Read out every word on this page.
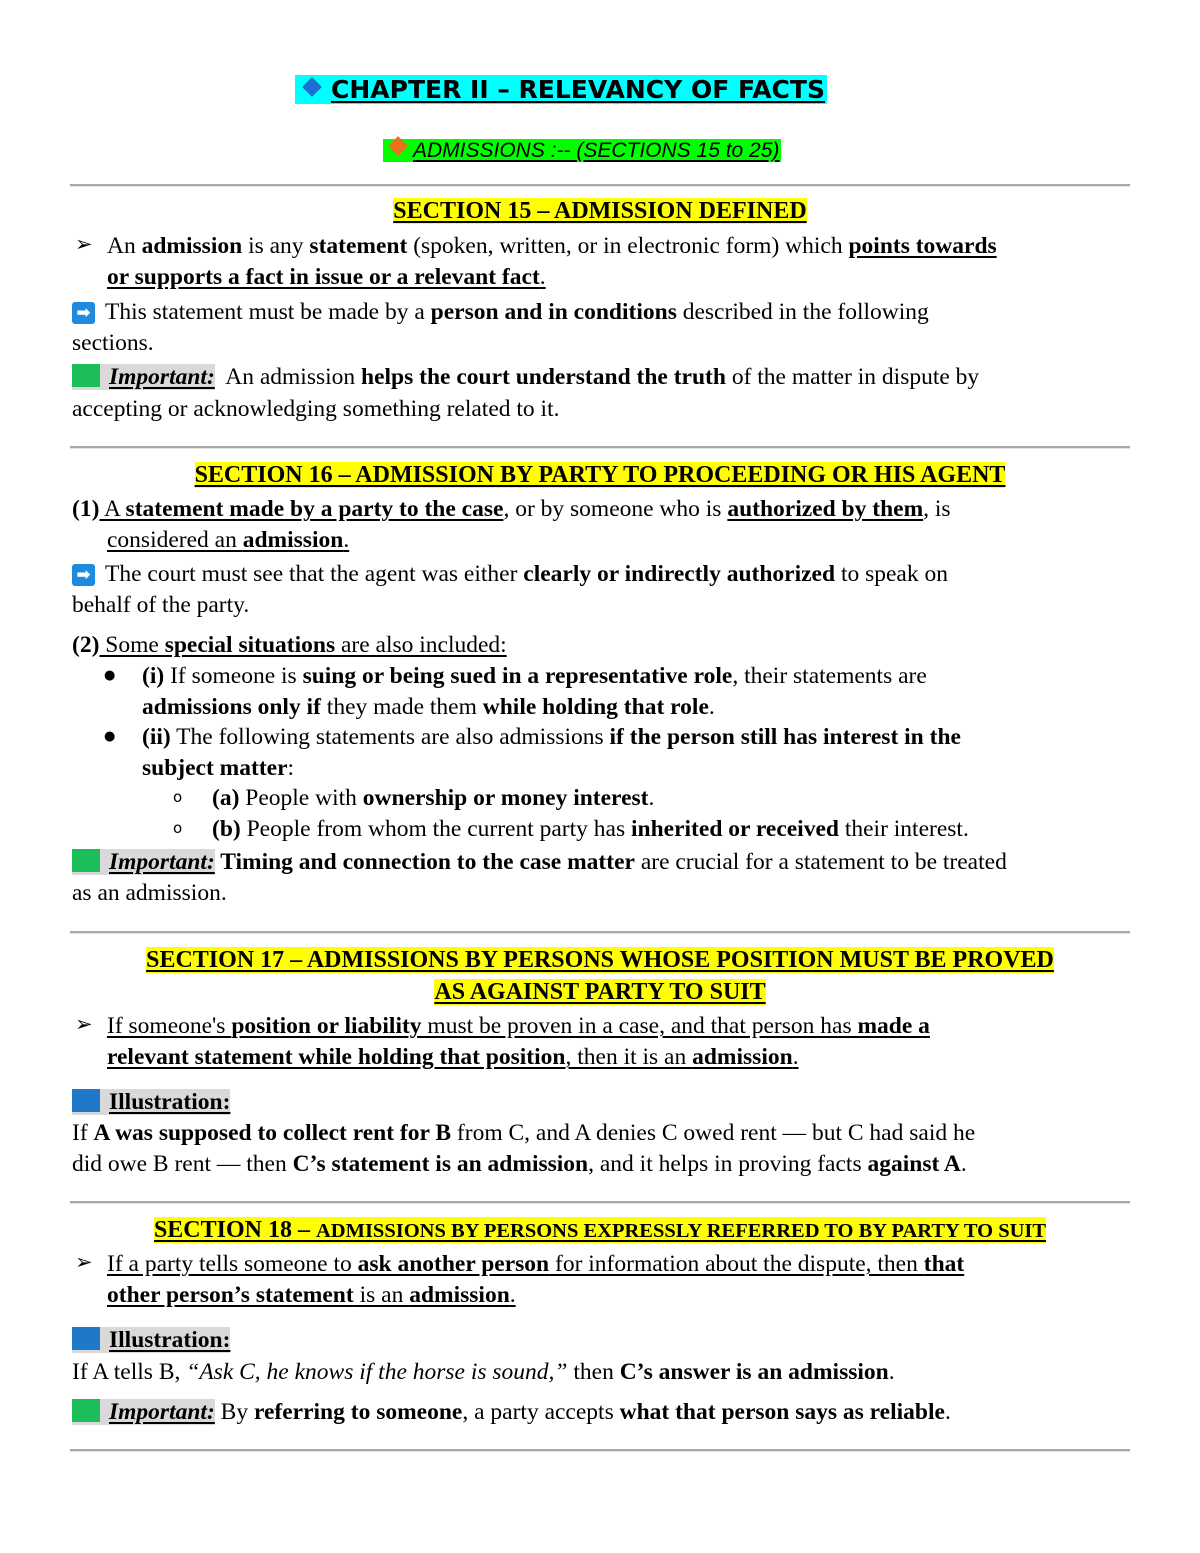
CHAPTER II – RELEVANCY OF FACTS
ADMISSIONS :-- (SECTIONS 15 to 25)
SECTION 15 – ADMISSION DEFINED
➢ An admission is any statement (spoken, written, or in electronic form) which points towards
or supports a fact in issue or a relevant fact.
➡ This statement must be made by a person and in conditions described in the following
sections.
Important:  An admission helps the court understand the truth of the matter in dispute by
accepting or acknowledging something related to it.
SECTION 16 – ADMISSION BY PARTY TO PROCEEDING OR HIS AGENT
(1) A statement made by a party to the case, or by someone who is authorized by them, is
considered an admission.
➡ The court must see that the agent was either clearly or indirectly authorized to speak on
behalf of the party.
(2) Some special situations are also included:
● (i) If someone is suing or being sued in a representative role, their statements are
admissions only if they made them while holding that role.
● (ii) The following statements are also admissions if the person still has interest in the
subject matter:
o (a) People with ownership or money interest.
o (b) People from whom the current party has inherited or received their interest.
Important: Timing and connection to the case matter are crucial for a statement to be treated
as an admission.
SECTION 17 – ADMISSIONS BY PERSONS WHOSE POSITION MUST BE PROVED
AS AGAINST PARTY TO SUIT
➢ If someone's position or liability must be proven in a case, and that person has made a
relevant statement while holding that position, then it is an admission.
Illustration:
If A was supposed to collect rent for B from C, and A denies C owed rent — but C had said he
did owe B rent — then C’s statement is an admission, and it helps in proving facts against A.
SECTION 18 – ADMISSIONS BY PERSONS EXPRESSLY REFERRED TO BY PARTY TO SUIT
➢ If a party tells someone to ask another person for information about the dispute, then that
other person’s statement is an admission.
Illustration:
If A tells B, “Ask C, he knows if the horse is sound,” then C’s answer is an admission.
Important: By referring to someone, a party accepts what that person says as reliable.
